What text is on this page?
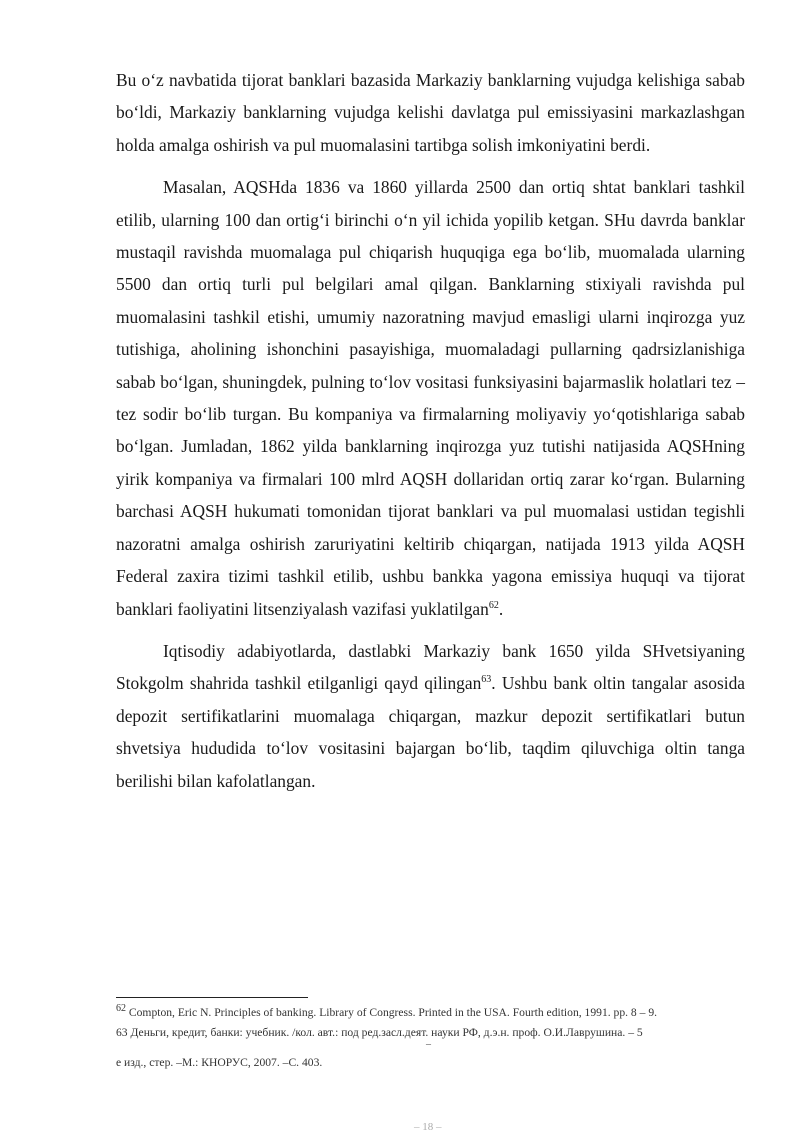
Bu o‘z navbatida tijorat banklari bazasida Markaziy banklarning vujudga kelishiga sabab bo‘ldi, Markaziy banklarning vujudga kelishi davlatga pul emissiyasini markazlashgan holda amalga oshirish va pul muomalasini tartibga solish imkoniyatini berdi.

Masalan, AQSHda 1836 va 1860 yillarda 2500 dan ortiq shtat banklari tashkil etilib, ularning 100 dan ortig‘i birinchi o‘n yil ichida yopilib ketgan. SHu davrda banklar mustaqil ravishda muomalaga pul chiqarish huquqiga ega bo‘lib, muomalada ularning 5500 dan ortiq turli pul belgilari amal qilgan. Banklarning stixiyali ravishda pul muomalasini tashkil etishi, umumiy nazoratning mavjud emasligi ularni inqirozga yuz tutishiga, aholining ishonchini pasayishiga, muomaladagi pullarning qadrsizlanishiga sabab bo‘lgan, shuningdek, pulning to‘lov vositasi funksiyasini bajarmaslik holatlari tez – tez sodir bo‘lib turgan. Bu kompaniya va firmalarning moliyaviy yo‘qotishlariga sabab bo‘lgan. Jumladan, 1862 yilda banklarning inqirozga yuz tutishi natijasida AQSHning yirik kompaniya va firmalari 100 mlrd AQSH dollaridan ortiq zarar ko‘rgan. Bularning barchasi AQSH hukumati tomonidan tijorat banklari va pul muomalasi ustidan tegishli nazoratni amalga oshirish zaruriyatini keltirib chiqargan, natijada 1913 yilda AQSH Federal zaxira tizimi tashkil etilib, ushbu bankka yagona emissiya huquqi va tijorat banklari faoliyatini litsenziyalash vazifasi yuklatilgan$^{62}$.

Iqtisodiy adabiyotlarda, dastlabki Markaziy bank 1650 yilda SHvetsiyaning Stokgolm shahrida tashkil etilganligi qayd qilingan$^{63}$. Ushbu bank oltin tangalar asosida depozit sertifikatlarini muomalaga chiqargan, mazkur depozit sertifikatlari butun shvetsiya hududida to‘lov vositasini bajargan bo‘lib, taqdim qiluvchiga oltin tanga berilishi bilan kafolatlangan.

$^{62}$ Compton, Eric N. Principles of banking. Library of Congress. Printed in the USA. Fourth edition, 1991. pp. 8 – 9.
63 Деньги, кредит, банки: учебник. /кол. авт.: под ред.засл.деят. науки РФ, д.э.н. проф. О.И.Лаврушина. – 5
–
е изд., стер. –М.: КНОРУС, 2007. –С. 403.
– 18 –
